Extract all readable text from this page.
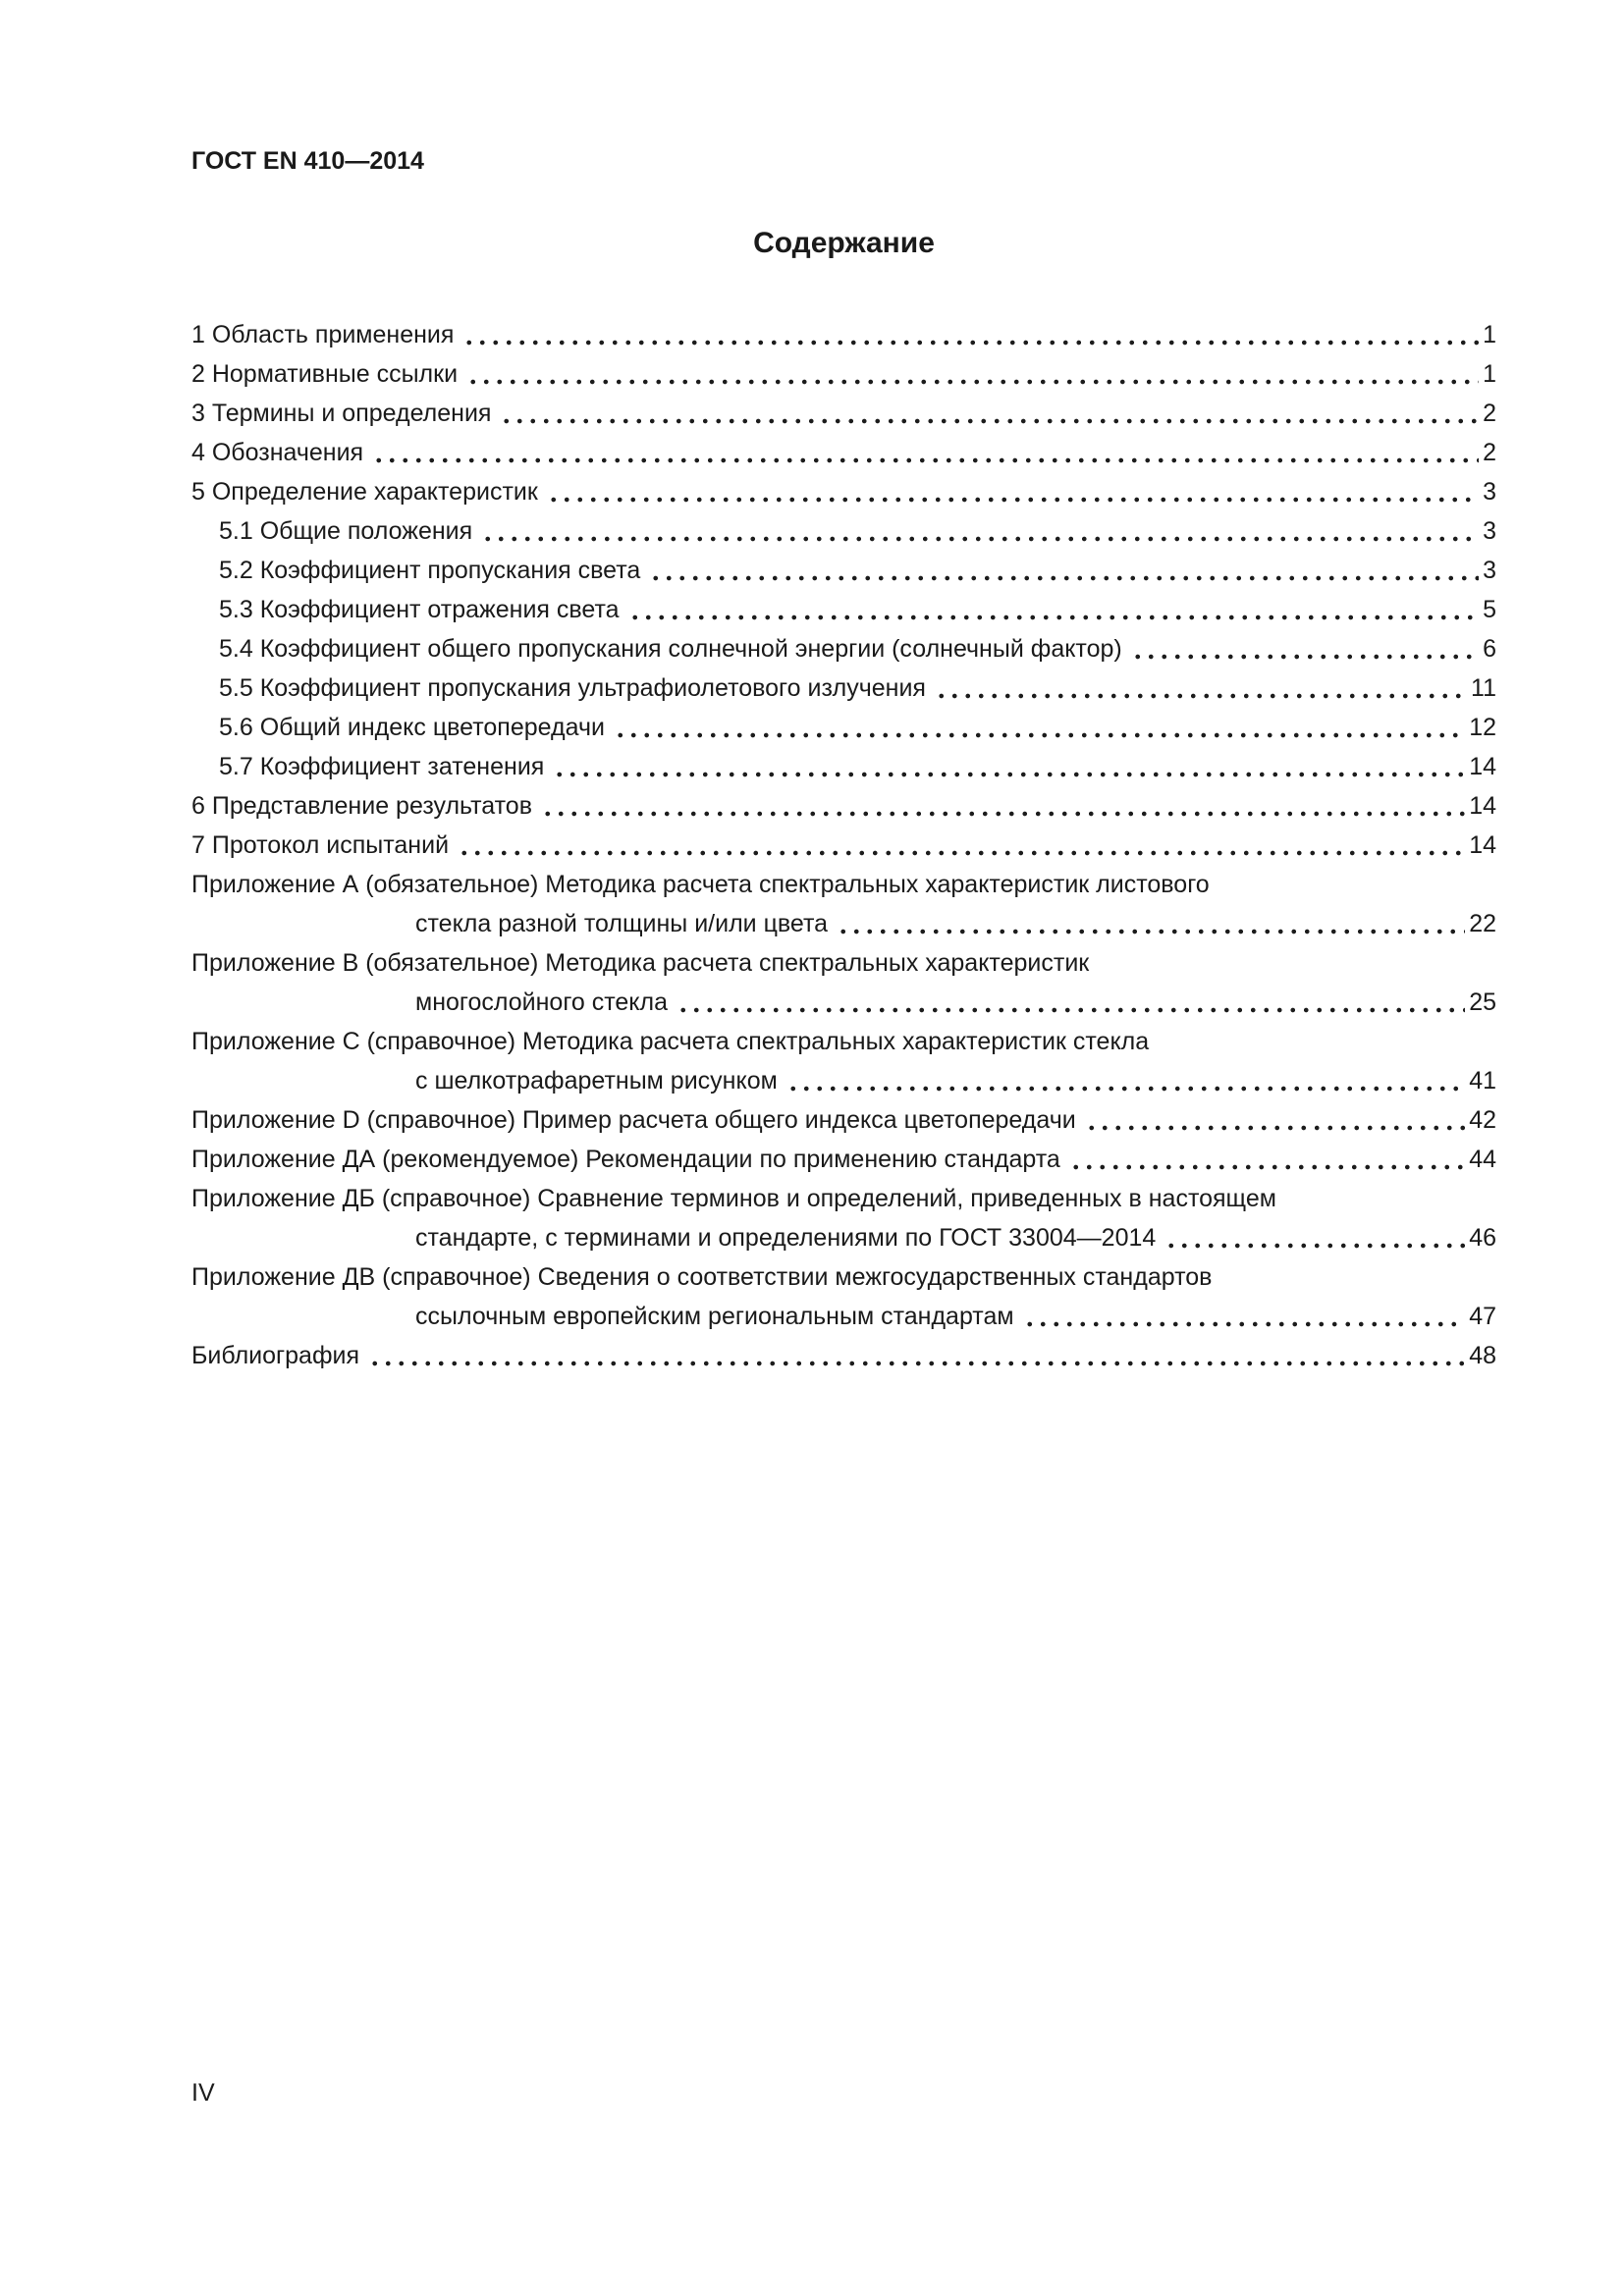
ГОСТ EN 410—2014
Содержание
1 Область применения	1
2 Нормативные ссылки	1
3 Термины и определения	2
4 Обозначения	2
5 Определение характеристик	3
5.1 Общие положения	3
5.2 Коэффициент пропускания света	3
5.3 Коэффициент отражения света	5
5.4 Коэффициент общего пропускания солнечной энергии (солнечный фактор)	6
5.5 Коэффициент пропускания ультрафиолетового излучения	11
5.6 Общий индекс цветопередачи	12
5.7 Коэффициент затенения	14
6 Представление результатов	14
7 Протокол испытаний	14
Приложение А (обязательное) Методика расчета спектральных характеристик листового
стекла разной толщины и/или цвета	22
Приложение В (обязательное) Методика расчета спектральных характеристик
многослойного стекла	25
Приложение С (справочное) Методика расчета спектральных характеристик стекла
с шелкотрафаретным рисунком	41
Приложение D (справочное) Пример расчета общего индекса цветопередачи	42
Приложение ДА (рекомендуемое) Рекомендации по применению стандарта	44
Приложение ДБ (справочное) Сравнение терминов и определений, приведенных в настоящем
стандарте, с терминами и определениями по ГОСТ 33004—2014	46
Приложение ДВ (справочное) Сведения о соответствии межгосударственных стандартов
ссылочным европейским региональным стандартам	47
Библиография	48
IV
